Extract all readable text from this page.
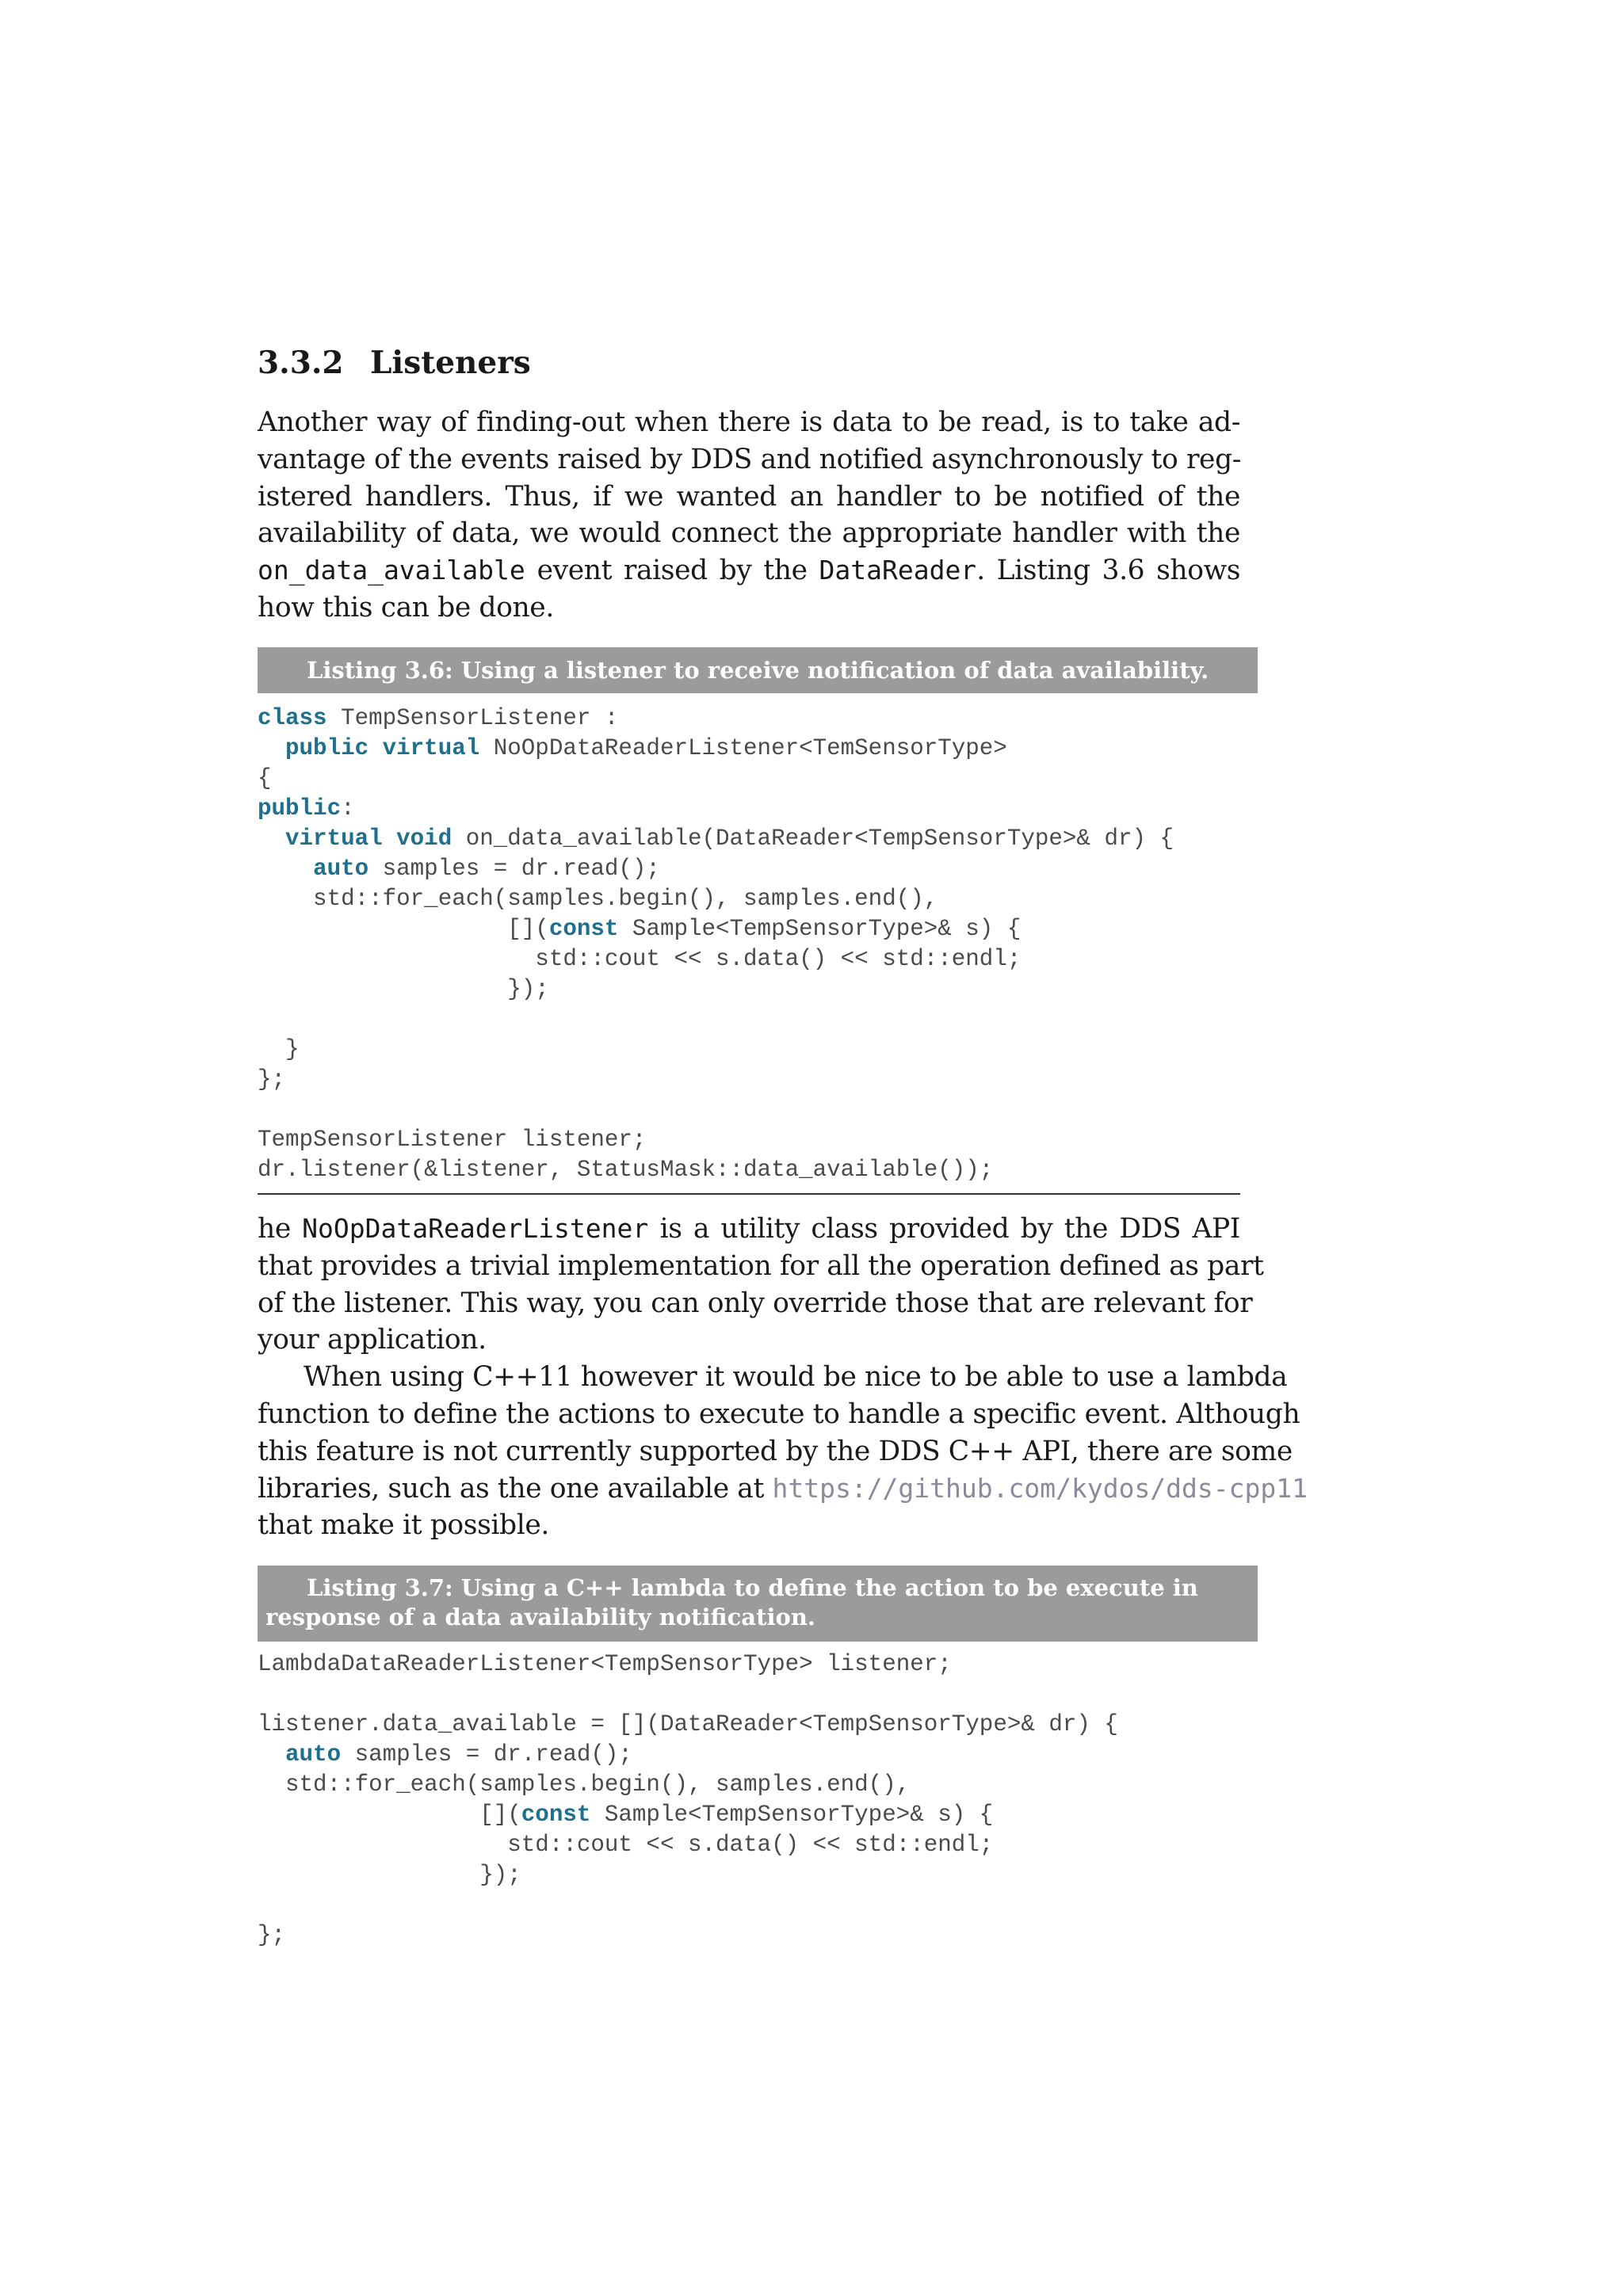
3.3.2 Listeners
Another way of finding-out when there is data to be read, is to take ad-
vantage of the events raised by DDS and notified asynchronously to reg-
istered handlers. Thus, if we wanted an handler to be notified of the
availability of data, we would connect the appropriate handler with the
on_data_available event raised by the DataReader. Listing 3.6 shows
how this can be done.
Listing 3.6: Using a listener to receive notification of data availability.
class TempSensorListener :
public virtual NoOpDataReaderListener<TemSensorType>
{
public:
virtual void on_data_available(DataReader<TempSensorType>& dr) {
auto samples = dr.read();
std::for_each(samples.begin(), samples.end(),
[](const Sample<TempSensorType>& s) {
std::cout << s.data() << std::endl;
});
}
};
TempSensorListener listener;
dr.listener(&listener, StatusMask::data_available());
he NoOpDataReaderListener is a utility class provided by the DDS API
that provides a trivial implementation for all the operation defined as part
of the listener. This way, you can only override those that are relevant for
your application.
When using C++11 however it would be nice to be able to use a lambda
function to define the actions to execute to handle a specific event. Although
this feature is not currently supported by the DDS C++ API, there are some
libraries, such as the one available at https://github.com/kydos/dds-cpp11
that make it possible.
Listing 3.7: Using a C++ lambda to define the action to be execute in
response of a data availability notification.
LambdaDataReaderListener<TempSensorType> listener;
listener.data_available = [](DataReader<TempSensorType>& dr) {
auto samples = dr.read();
std::for_each(samples.begin(), samples.end(),
[](const Sample<TempSensorType>& s) {
std::cout << s.data() << std::endl;
});
};
